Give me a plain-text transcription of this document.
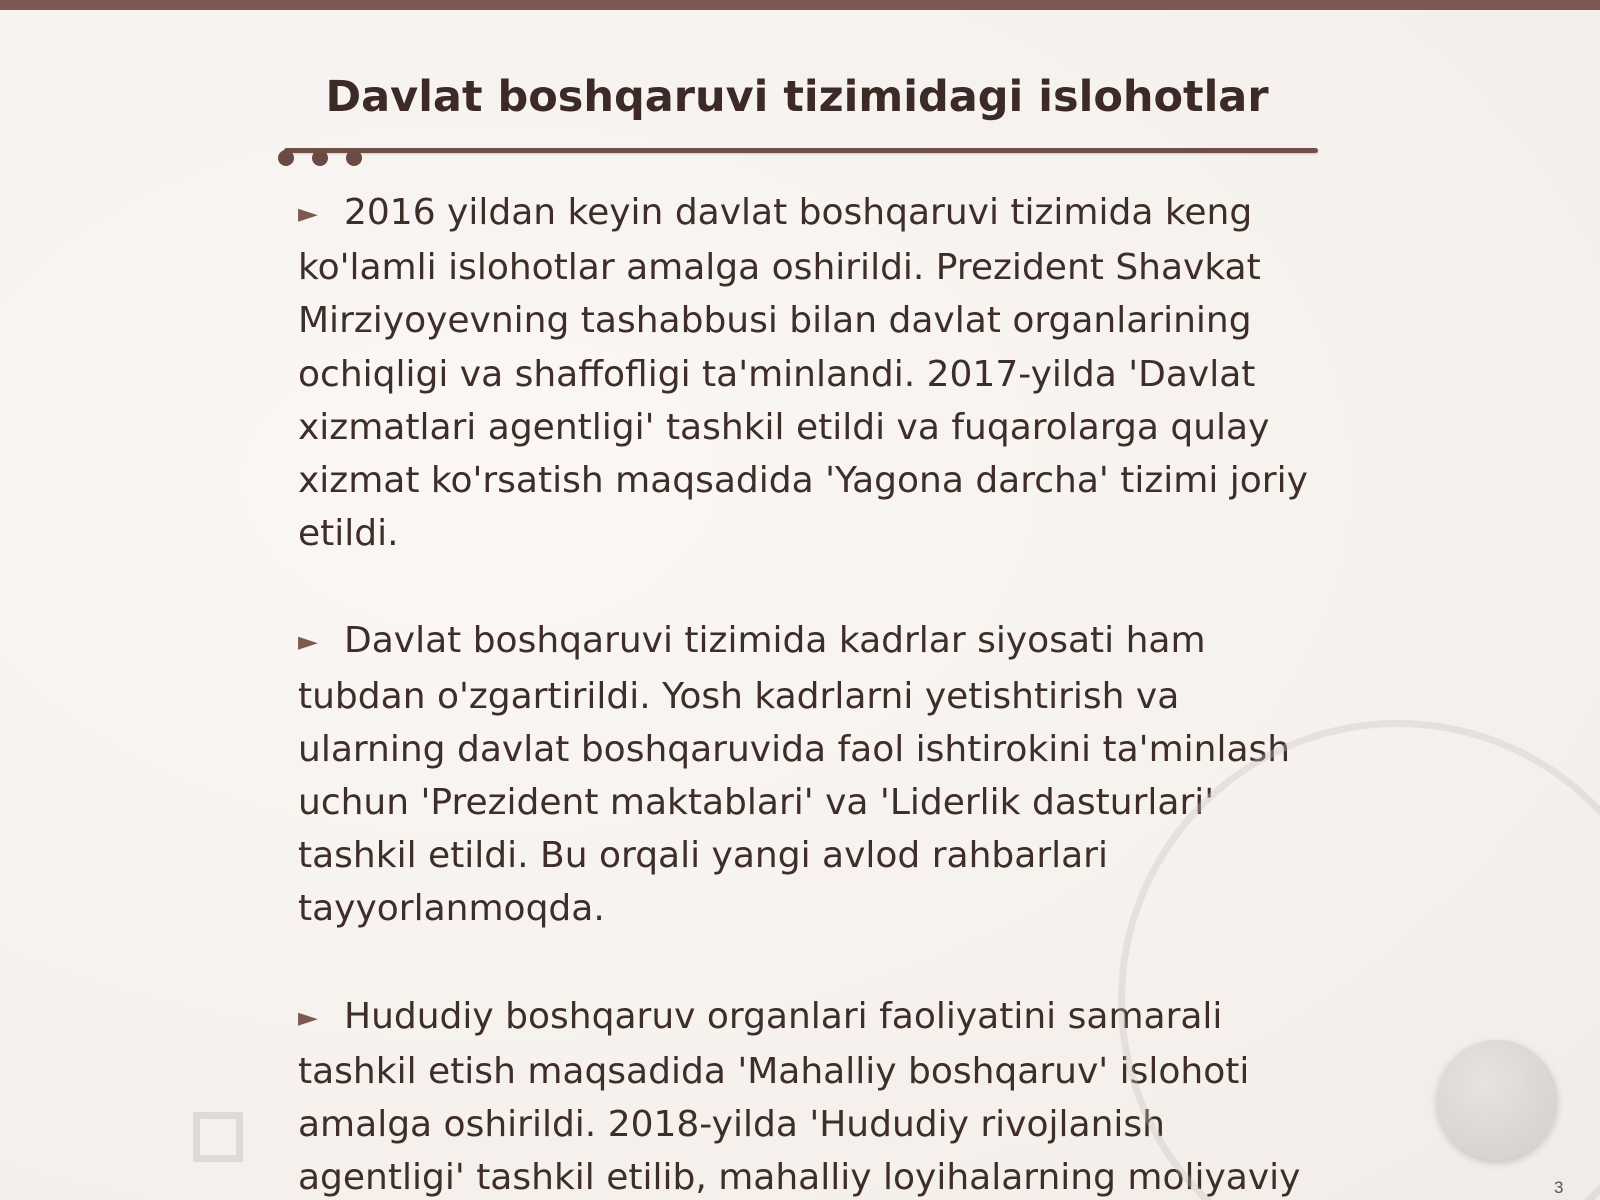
Davlat boshqaruvi tizimidagi islohotlar

► 2016 yildan keyin davlat boshqaruvi tizimida keng ko'lamli islohotlar amalga oshirildi. Prezident Shavkat Mirziyoyevning tashabbusi bilan davlat organlarining ochiqligi va shaffofligi ta'minlandi. 2017-yilda 'Davlat xizmatlari agentligi' tashkil etildi va fuqarolarga qulay xizmat ko'rsatish maqsadida 'Yagona darcha' tizimi joriy etildi.

► Davlat boshqaruvi tizimida kadrlar siyosati ham tubdan o'zgartirildi. Yosh kadrlarni yetishtirish va ularning davlat boshqaruvida faol ishtirokini ta'minlash uchun 'Prezident maktablari' va 'Liderlik dasturlari' tashkil etildi. Bu orqali yangi avlod rahbarlari tayyorlanmoqda.

► Hududiy boshqaruv organlari faoliyatini samarali tashkil etish maqsadida 'Mahalliy boshqaruv' islohoti amalga oshirildi. 2018-yilda 'Hududiy rivojlanish agentligi' tashkil etilib, mahalliy loyihalarning moliyaviy	3
